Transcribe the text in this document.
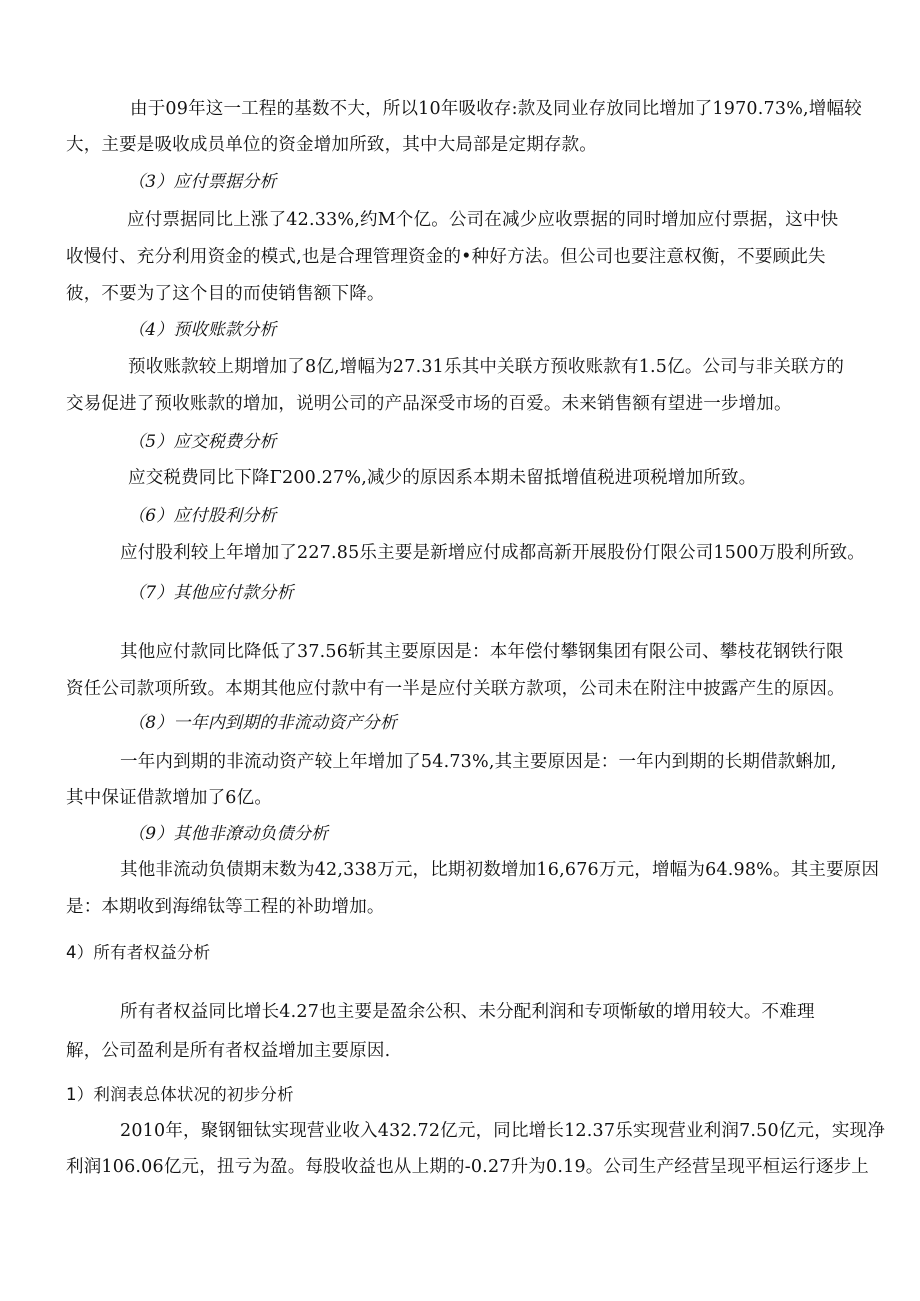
由于09年这一工程的基数不大，所以10年吸收存:款及同业存放同比增加了1970.73%,增幅较
大，主要是吸收成员单位的资金增加所致，其中大局部是定期存款。
（3）应付票据分析
应付票据同比上涨了42.33%,约M个亿。公司在减少应收票据的同时增加应付票据，这中快
收慢付、充分利用资金的模式,也是合理管理资金的•种好方法。但公司也要注意权衡，不要顾此失
彼，不要为了这个目的而使销售额下降。
（4）预收账款分析
预收账款较上期增加了8亿,增幅为27.31乐其中关联方预收账款有1.5亿。公司与非关联方的
交易促进了预收账款的增加，说明公司的产品深受市场的百爱。未来销售额有望进一步增加。
（5）应交税费分析
应交税费同比下降Γ200.27%,减少的原因系本期未留抵增值税进项税增加所致。
（6）应付股利分析
应付股利较上年增加了227.85乐主要是新增应付成都高新开展股份仃限公司1500万股利所致。
（7）其他应付款分析
其他应付款同比降低了37.56斩其主要原因是：本年偿付攀钢集团有限公司、攀枝花钢铁行限
资任公司款项所致。本期其他应付款中有一半是应付关联方款项，公司未在附注中披露产生的原因。
（8）一年内到期的非流动资产分析
一年内到期的非流动资产较上年增加了54.73%,其主要原因是：一年内到期的长期借款蝌加,
其中保证借款增加了6亿。
（9）其他非潦动负债分析
其他非流动负债期末数为42,338万元，比期初数增加16,676万元，增幅为64.98%。其主要原因
是：本期收到海绵钛等工程的补助增加。
4）所有者权益分析
所有者权益同比增长4.27也主要是盈余公积、未分配利润和专项惭敏的增用较大。不难理
解，公司盈利是所有者权益增加主要原因.
1）利润表总体状况的初步分析
2010年，聚钢钿钛实现营业收入432.72亿元，同比增长12.37乐实现营业利润7.50亿元，实现净
利润106.06亿元，扭亏为盈。每股收益也从上期的-0.27升为0.19。公司生产经营呈现平桓运行逐步上
